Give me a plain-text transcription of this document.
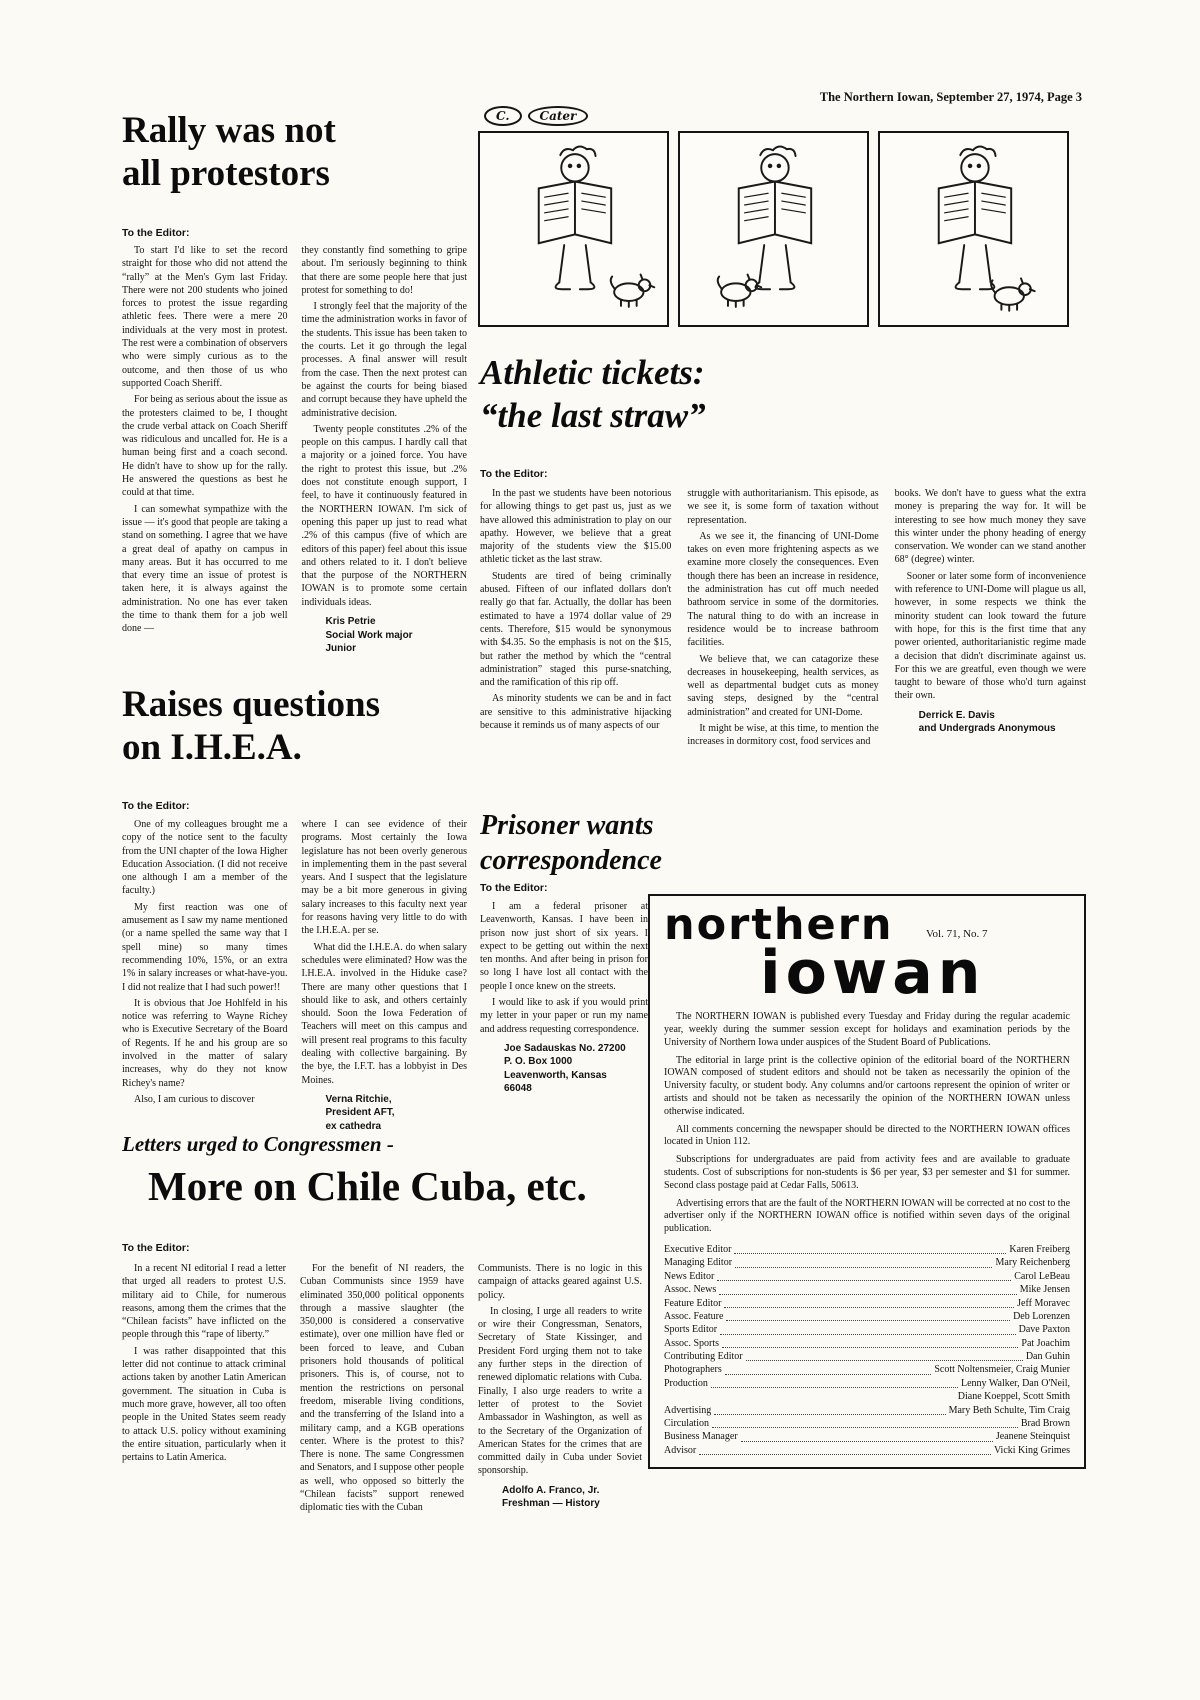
The Northern Iowan, September 27, 1974, Page 3
Rally was not
all protestors
To the Editor:

To start I'd like to set the record straight for those who did not attend the “rally” at the Men's Gym last Friday. There were not 200 students who joined forces to protest the issue regarding athletic fees. There were a mere 20 individuals at the very most in protest. The rest were a combination of observers who were simply curious as to the outcome, and then those of us who supported Coach Sheriff.

For being as serious about the issue as the protesters claimed to be, I thought the crude verbal attack on Coach Sheriff was ridiculous and uncalled for. He is a human being first and a coach second. He didn't have to show up for the rally. He answered the questions as best he could at that time.

I can somewhat sympathize with the issue — it's good that people are taking a stand on something. I agree that we have a great deal of apathy on campus in many areas. But it has occurred to me that every time an issue of protest is taken here, it is always against the administration. No one has ever taken the time to thank them for a job well done —

they constantly find something to gripe about. I'm seriously beginning to think that there are some people here that just protest for something to do!

I strongly feel that the majority of the time the administration works in favor of the students. This issue has been taken to the courts. Let it go through the legal processes. A final answer will result from the case. Then the next protest can be against the courts for being biased and corrupt because they have upheld the administrative decision.

Twenty people constitutes .2% of the people on this campus. I hardly call that a majority or a joined force. You have the right to protest this issue, but .2% does not constitute enough support, I feel, to have it continuously featured in the NORTHERN IOWAN. I'm sick of opening this paper up just to read what .2% of this campus (five of which are editors of this paper) feel about this issue and others related to it. I don't believe that the purpose of the NORTHERN IOWAN is to promote some certain individuals ideas.

Kris Petrie

Social Work major

Junior

C.	Cater
Athletic tickets:
“the last straw”
To the Editor:

In the past we students have been notorious for allowing things to get past us, just as we have allowed this administration to play on our apathy. However, we believe that a great majority of the students view the $15.00 athletic ticket as the last straw.

Students are tired of being criminally abused. Fifteen of our inflated dollars don't really go that far. Actually, the dollar has been estimated to have a 1974 dollar value of 29 cents. Therefore, $15 would be synonymous with $4.35. So the emphasis is not on the $15, but rather the method by which the “central administration” staged this purse-snatching, and the ramification of this rip off.

As minority students we can be and in fact are sensitive to this administrative hijacking because it reminds us of many aspects of our

struggle with authoritarianism. This episode, as we see it, is some form of taxation without representation.

As we see it, the financing of UNI-Dome takes on even more frightening aspects as we examine more closely the consequences. Even though there has been an increase in residence, the administration has cut off much needed bathroom service in some of the dormitories. The natural thing to do with an increase in residence would be to increase bathroom facilities.

We believe that, we can catagorize these decreases in housekeeping, health services, as well as departmental budget cuts as money saving steps, designed by the “central administration” and created for UNI-Dome.

It might be wise, at this time, to mention the increases in dormitory cost, food services and

books. We don't have to guess what the extra money is preparing the way for. It will be interesting to see how much money they save this winter under the phony heading of energy conservation. We wonder can we stand another 68° (degree) winter.

Sooner or later some form of inconvenience with reference to UNI-Dome will plague us all, however, in some respects we think the minority student can look toward the future with hope, for this is the first time that any power oriented, authoritarianistic regime made a decision that didn't discriminate against us. For this we are greatful, even though we were taught to beware of those who'd turn against their own.

Derrick E. Davis

and Undergrads Anonymous

Raises questions
on I.H.E.A.
To the Editor:

One of my colleagues brought me a copy of the notice sent to the faculty from the UNI chapter of the Iowa Higher Education Association. (I did not receive one although I am a member of the faculty.)

My first reaction was one of amusement as I saw my name mentioned (or a name spelled the same way that I spell mine) so many times recommending 10%, 15%, or an extra 1% in salary increases or what-have-you. I did not realize that I had such power!!

It is obvious that Joe Hohlfeld in his notice was referring to Wayne Richey who is Executive Secretary of the Board of Regents. If he and his group are so involved in the matter of salary increases, why do they not know Richey's name?

Also, I am curious to discover

where I can see evidence of their programs. Most certainly the Iowa legislature has not been overly generous in implementing them in the past several years. And I suspect that the legislature may be a bit more generous in giving salary increases to this faculty next year for reasons having very little to do with the I.H.E.A. per se.

What did the I.H.E.A. do when salary schedules were eliminated? How was the I.H.E.A. involved in the Hiduke case? There are many other questions that I should like to ask, and others certainly should. Soon the Iowa Federation of Teachers will meet on this campus and will present real programs to this faculty dealing with collective bargaining. By the bye, the I.F.T. has a lobbyist in Des Moines.

Verna Ritchie,

President AFT,

ex cathedra

Prisoner wants
correspondence
To the Editor:

I am a federal prisoner at Leavenworth, Kansas. I have been in prison now just short of six years. I expect to be getting out within the next ten months. And after being in prison for so long I have lost all contact with the people I once knew on the streets.

I would like to ask if you would print my letter in your paper or run my name and address requesting correspondence.

Joe Sadauskas No. 27200

P. O. Box 1000

Leavenworth, Kansas

66048

northern	Vol. 71, No. 7
iowan

The NORTHERN IOWAN is published every Tuesday and Friday during the regular academic year, weekly during the summer session except for holidays and examination periods by the University of Northern Iowa under auspices of the Student Board of Publications.

The editorial in large print is the collective opinion of the editorial board of the NORTHERN IOWAN composed of student editors and should not be taken as necessarily the opinion of the University faculty, or student body. Any columns and/or cartoons represent the opinion of writer or artists and should not be taken as necessarily the opinion of the NORTHERN IOWAN unless otherwise indicated.

All comments concerning the newspaper should be directed to the NORTHERN IOWAN offices located in Union 112.

Subscriptions for undergraduates are paid from activity fees and are available to graduate students. Cost of subscriptions for non-students is $6 per year, $3 per semester and $1 for summer. Second class postage paid at Cedar Falls, 50613.

Advertising errors that are the fault of the NORTHERN IOWAN will be corrected at no cost to the advertiser only if the NORTHERN IOWAN office is notified within seven days of the original publication.

Executive Editor	Karen Freiberg
Managing Editor	Mary Reichenberg
News Editor	Carol LeBeau
Assoc. News	Mike Jensen
Feature Editor	Jeff Moravec
Assoc. Feature	Deb Lorenzen
Sports Editor	Dave Paxton
Assoc. Sports	Pat Joachim
Contributing Editor	Dan Guhin
Photographers	Scott Noltensmeier, Craig Munier
Production	Lenny Walker, Dan O'Neil,
Diane Koeppel, Scott Smith
Advertising	Mary Beth Schulte, Tim Craig
Circulation	Brad Brown
Business Manager	Jeanene Steinquist
Advisor	Vicki King Grimes
Letters urged to Congressmen -
More on Chile Cuba, etc.
To the Editor:

In a recent NI editorial I read a letter that urged all readers to protest U.S. military aid to Chile, for numerous reasons, among them the crimes that the “Chilean facists” have inflicted on the people through this “rape of liberty.”

I was rather disappointed that this letter did not continue to attack criminal actions taken by another Latin American government. The situation in Cuba is much more grave, however, all too often people in the United States seem ready to attack U.S. policy without examining the entire situation, particularly when it pertains to Latin America.

For the benefit of NI readers, the Cuban Communists since 1959 have eliminated 350,000 political opponents through a massive slaughter (the 350,000 is considered a conservative estimate), over one million have fled or been forced to leave, and Cuban prisoners hold thousands of political prisoners. This is, of course, not to mention the restrictions on personal freedom, miserable living conditions, and the transferring of the Island into a military camp, and a KGB operations center. Where is the protest to this? There is none. The same Congressmen and Senators, and I suppose other people as well, who opposed so bitterly the “Chilean facists” support renewed diplomatic ties with the Cuban

Communists. There is no logic in this campaign of attacks geared against U.S. policy.

In closing, I urge all readers to write or wire their Congressman, Senators, Secretary of State Kissinger, and President Ford urging them not to take any further steps in the direction of renewed diplomatic relations with Cuba. Finally, I also urge readers to write a letter of protest to the Soviet Ambassador in Washington, as well as to the Secretary of the Organization of American States for the crimes that are committed daily in Cuba under Soviet sponsorship.

Adolfo A. Franco, Jr.

Freshman — History
